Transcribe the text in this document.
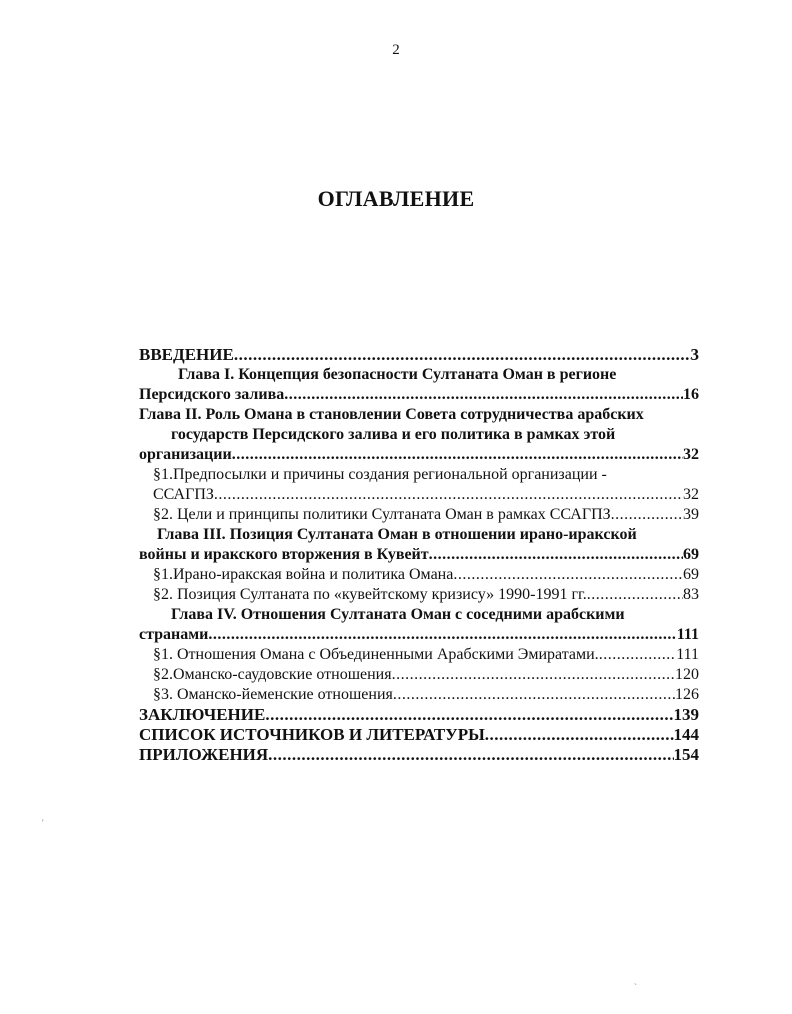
2
ОГЛАВЛЕНИЕ
ВВЕДЕНИЕ .....	3
Глава I. Концепция безопасности Султаната Оман в регионе
Персидского залива .....	16
Глава II. Роль Омана в становлении Совета сотрудничества арабских
государств Персидского залива и его политика в рамках этой
организации .....	32
§1.Предпосылки и причины создания региональной организации -
ССАГПЗ .....	32
§2. Цели и принципы политики Султаната Оман в рамках ССАГПЗ .....	39
Глава III. Позиция Султаната Оман в отношении ирано-иракской
войны и иракского вторжения в Кувейт .....	69
§1.Ирано-иракская война и политика Омана .....	69
§2. Позиция Султаната по «кувейтскому кризису» 1990-1991 гг. .....	83
Глава IV. Отношения Султаната Оман с соседними арабскими
странами .....	111
§1. Отношения Омана с Объединенными Арабскими Эмиратами. .....	111
§2.Оманско-саудовские отношения .....	120
§3. Оманско-йеменские отношения .....	126
ЗАКЛЮЧЕНИЕ .....	139
СПИСОК ИСТОЧНИКОВ И ЛИТЕРАТУРЫ .....	144
ПРИЛОЖЕНИЯ .....	154
'
`
